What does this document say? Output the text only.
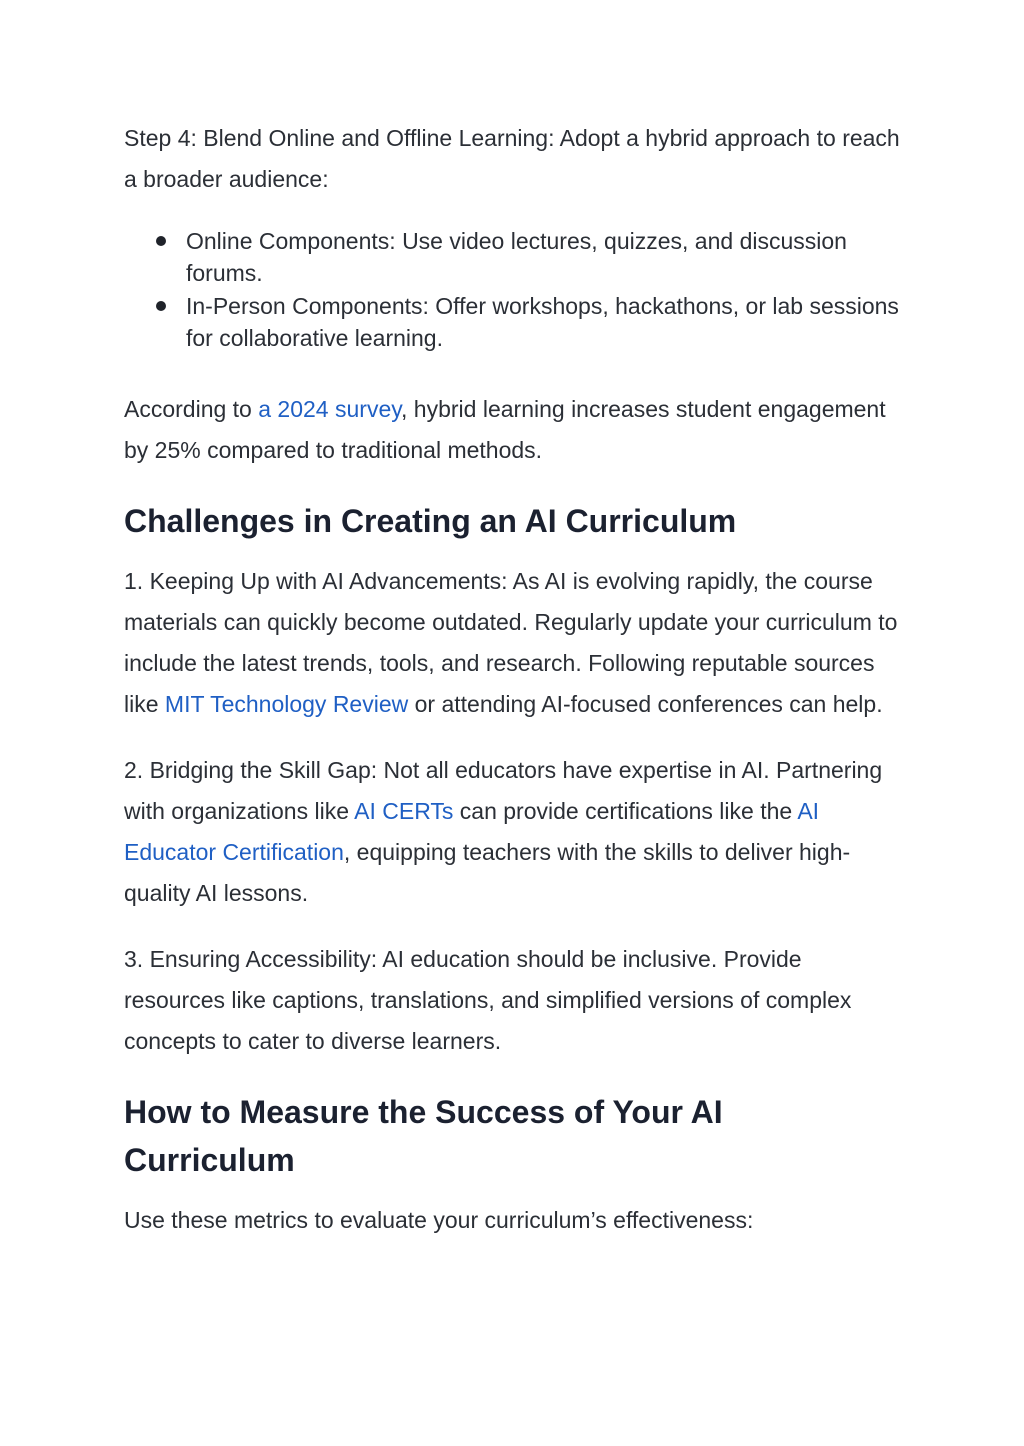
Step 4: Blend Online and Offline Learning: Adopt a hybrid approach to reach a broader audience:

Online Components: Use video lectures, quizzes, and discussion forums.
In-Person Components: Offer workshops, hackathons, or lab sessions for collaborative learning.

According to a 2024 survey, hybrid learning increases student engagement by 25% compared to traditional methods.

Challenges in Creating an AI Curriculum

1. Keeping Up with AI Advancements: As AI is evolving rapidly, the course materials can quickly become outdated. Regularly update your curriculum to include the latest trends, tools, and research. Following reputable sources like MIT Technology Review or attending AI-focused conferences can help.

2. Bridging the Skill Gap: Not all educators have expertise in AI. Partnering with organizations like AI CERTs can provide certifications like the AI Educator Certification, equipping teachers with the skills to deliver high-quality AI lessons.

3. Ensuring Accessibility: AI education should be inclusive. Provide resources like captions, translations, and simplified versions of complex concepts to cater to diverse learners.

How to Measure the Success of Your AI Curriculum

Use these metrics to evaluate your curriculum’s effectiveness:
